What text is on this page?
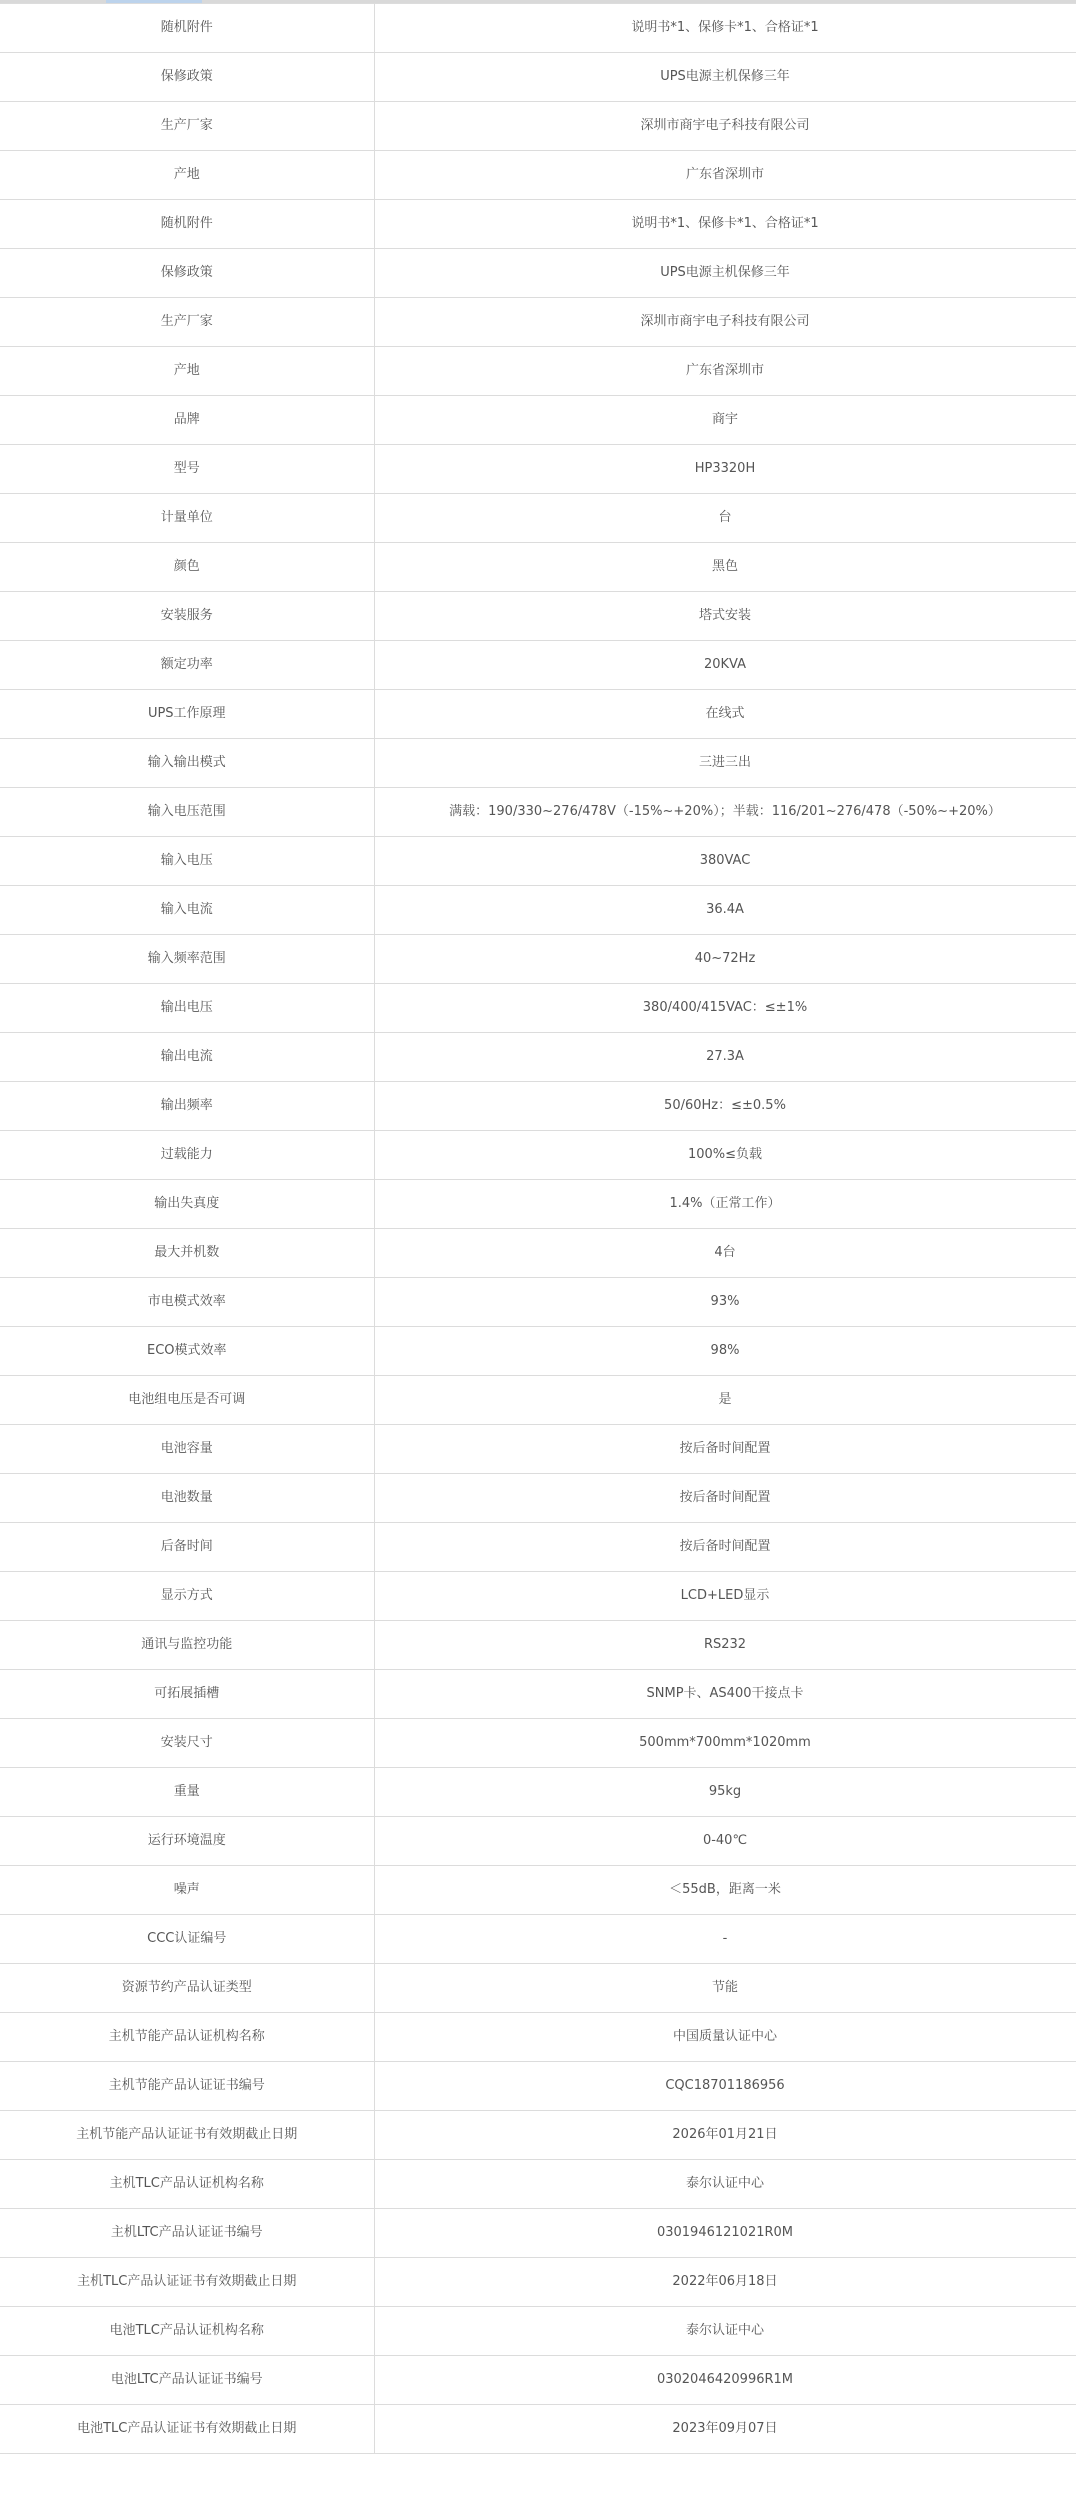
随机附件	说明书*1、保修卡*1、合格证*1
保修政策	UPS电源主机保修三年
生产厂家	深圳市商宇电子科技有限公司
产地	广东省深圳市
随机附件	说明书*1、保修卡*1、合格证*1
保修政策	UPS电源主机保修三年
生产厂家	深圳市商宇电子科技有限公司
产地	广东省深圳市
品牌	商宇
型号	HP3320H
计量单位	台
颜色	黑色
安装服务	塔式安装
额定功率	20KVA
UPS工作原理	在线式
输入输出模式	三进三出
输入电压范围	满载：190/330~276/478V（-15%~+20%）；半载：116/201~276/478（-50%~+20%）
输入电压	380VAC
输入电流	36.4A
输入频率范围	40~72Hz
输出电压	380/400/415VAC：≤±1%
输出电流	27.3A
输出频率	50/60Hz：≤±0.5%
过载能力	100%≤负载
输出失真度	1.4%（正常工作）
最大并机数	4台
市电模式效率	93%
ECO模式效率	98%
电池组电压是否可调	是
电池容量	按后备时间配置
电池数量	按后备时间配置
后备时间	按后备时间配置
显示方式	LCD+LED显示
通讯与监控功能	RS232
可拓展插槽	SNMP卡、AS400干接点卡
安装尺寸	500mm*700mm*1020mm
重量	95kg
运行环境温度	0-40℃
噪声	＜55dB，距离一米
CCC认证编号	-
资源节约产品认证类型	节能
主机节能产品认证机构名称	中国质量认证中心
主机节能产品认证证书编号	CQC18701186956
主机节能产品认证证书有效期截止日期	2026年01月21日
主机TLC产品认证机构名称	泰尔认证中心
主机LTC产品认证证书编号	0301946121021R0M
主机TLC产品认证证书有效期截止日期	2022年06月18日
电池TLC产品认证机构名称	泰尔认证中心
电池LTC产品认证证书编号	0302046420996R1M
电池TLC产品认证证书有效期截止日期	2023年09月07日
